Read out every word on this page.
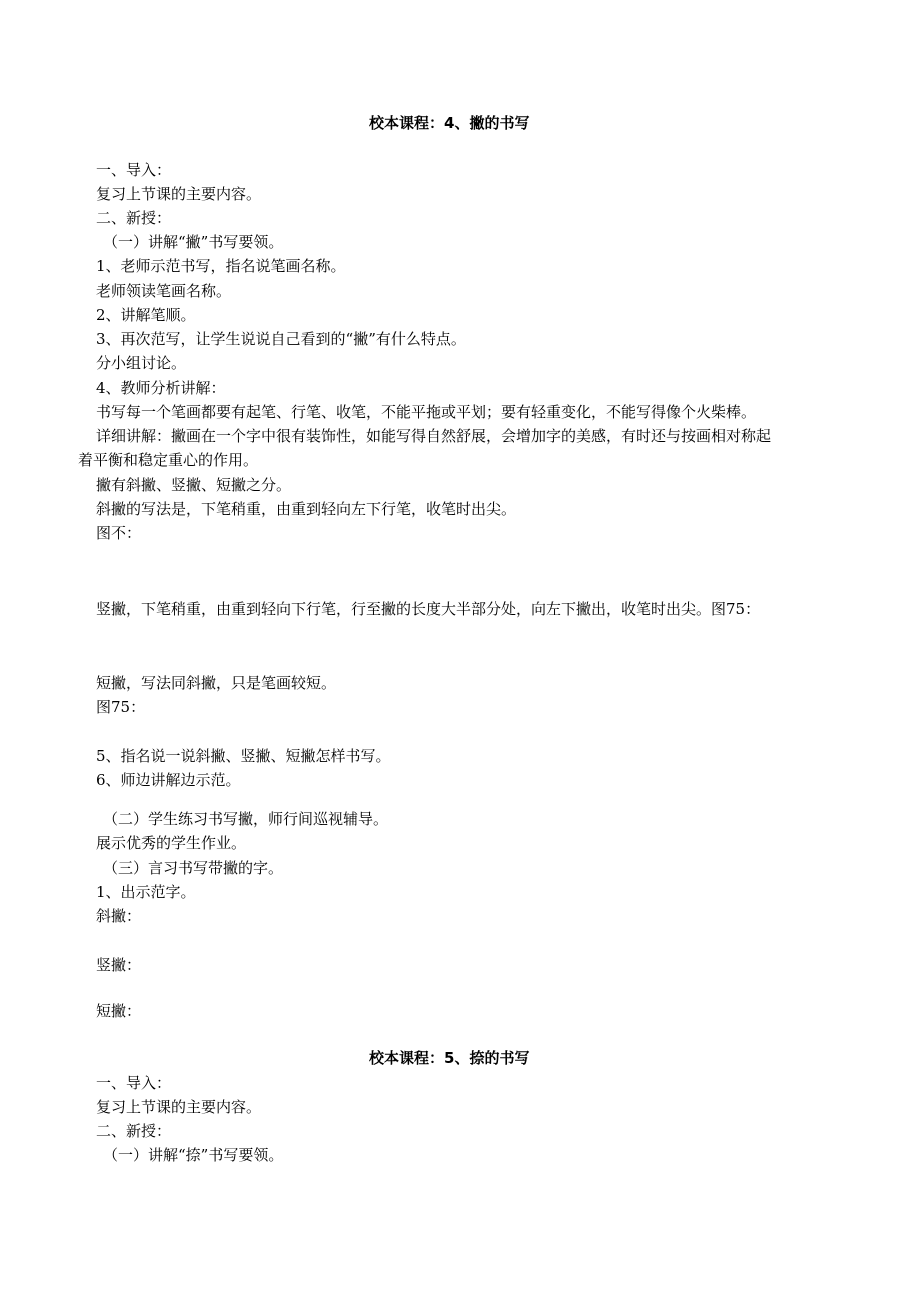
校本课程：4、撇的书写
一、导入：
复习上节课的主要内容。
二、新授：
（一）讲解“撇”书写要领。
1、老师示范书写，指名说笔画名称。
老师领读笔画名称。
2、讲解笔顺。
3、再次范写，让学生说说自己看到的“撇”有什么特点。
分小组讨论。
4、教师分析讲解：
书写每一个笔画都要有起笔、行笔、收笔，不能平拖或平划；要有轻重变化，不能写得像个火柴棒。
详细讲解：撇画在一个字中很有装饰性，如能写得自然舒展，会增加字的美感，有时还与按画相对称起
着平衡和稳定重心的作用。
撇有斜撇、竖撇、短撇之分。
斜撇的写法是，下笔稍重，由重到轻向左下行笔，收笔时出尖。
图不：
竖撇，下笔稍重，由重到轻向下行笔，行至撇的长度大半部分处，向左下撇出，收笔时出尖。图75：
短撇，写法同斜撇，只是笔画较短。
图75：
5、指名说一说斜撇、竖撇、短撇怎样书写。
6、师边讲解边示范。
（二）学生练习书写撇，师行间巡视辅导。
展示优秀的学生作业。
（三）言习书写带撇的字。
1、出示范字。
斜撇：
竖撇：
短撇：
校本课程：5、捺的书写
一、导入：
复习上节课的主要内容。
二、新授：
（一）讲解“捺”书写要领。
